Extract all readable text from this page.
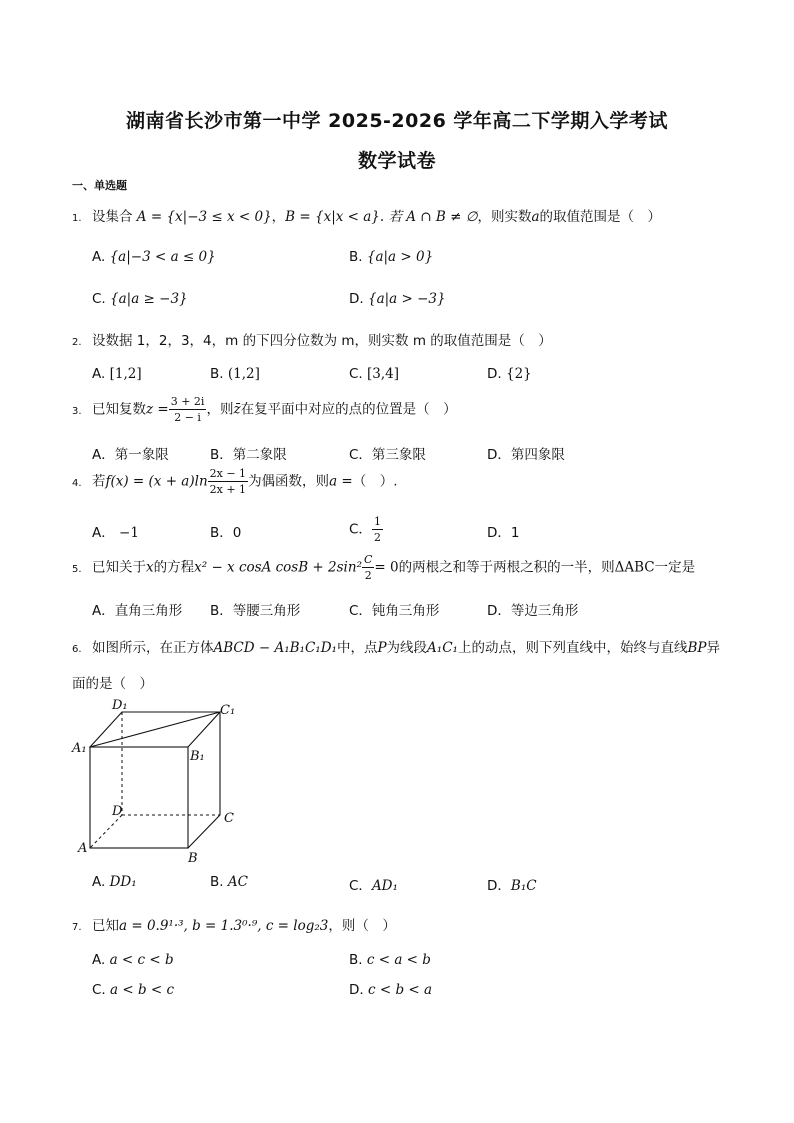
湖南省长沙市第一中学 2025-2026 学年高二下学期入学考试
数学试卷
一、单选题
1. 设集合 A = {x|−3 ≤ x < 0}，B = {x|x < a}. 若 A ∩ B ≠ ∅，则实数a的取值范围是（　）
A. {a|−3 < a ≤ 0}	B. {a|a > 0}
C. {a|a ≥ −3}	D. {a|a > −3}
2. 设数据 1，2，3，4，m 的下四分位数为 m，则实数 m 的取值范围是（　）
A. [1,2]	B. (1,2]	C. [3,4]	D. {2}
3. 已知复数$z = \frac{3 + 2i}{2 - i}$ ，则z̄在复平面中对应的点的位置是（　）
A．第一象限	B．第二象限	C．第三象限	D．第四象限
4. 若$f(x) = (x + a)\ln \frac{2x - 1}{2x + 1}$ 为偶函数，则a =（　）.
A． −1	B．0	C． $\frac{1}{2}$	D．1
5. 已知关于x的方程x² − x cosA $\cos B + 2\sin^2 \frac{C}{2} = 0$的两根之和等于两根之积的一半，则ΔABC一定是
A．直角三角形 B．等腰三角形	C．钝角三角形	D．等边三角形
6. 如图所示，在正方体ABCD − A₁B₁C₁D₁中，点P为线段A₁C₁上的动点，则下列直线中，始终与直线BP异
面的是（　）
D₁	C₁
A₁
B₁
D	C
A
B
A. DD₁	B. AC	C．AD₁	D．B₁C
7. 已知a = 0.9¹·³, b = 1.3⁰·⁹, c = log₂3，则（　）
A. a < c < b	B. c < a < b
C. a < b < c	D. c < b < a
